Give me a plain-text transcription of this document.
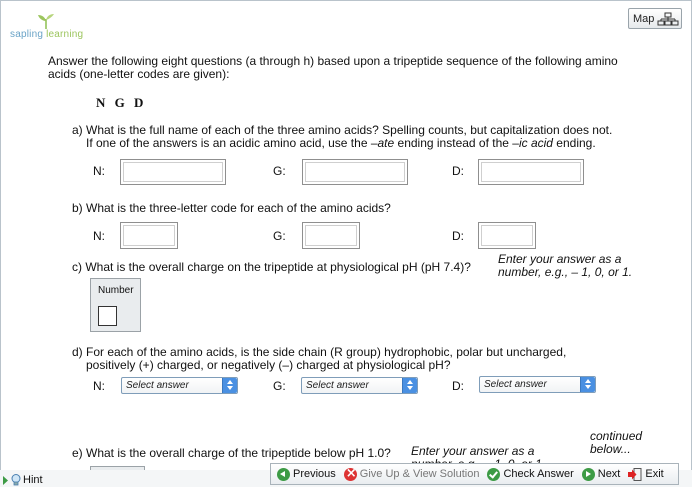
sapling learning
Map
Answer the following eight questions (a through h) based upon a tripeptide sequence of the following amino acids (one-letter codes are given):
N G D
a) What is the full name of each of the three amino acids? Spelling counts, but capitalization does not.
If one of the answers is an acidic amino acid, use the –ate ending instead of the –ic acid ending.
N:	G:	D:
b) What is the three-letter code for each of the amino acids?
N:	G:	D:
c) What is the overall charge on the tripeptide at physiological pH (pH 7.4)?
Enter your answer as a
number, e.g., – 1, 0, or 1.
Number
d) For each of the amino acids, is the side chain (R group) hydrophobic, polar but uncharged,
positively (+) charged, or negatively (–) charged at physiological pH?
N:	Select answer	G:	Select answer	D:	Select answer
e) What is the overall charge of the tripeptide below pH 1.0? Enter your answer as a
continued
below...
Hint	Previous
× Give Up & View Solution Check Answer Next Exit
